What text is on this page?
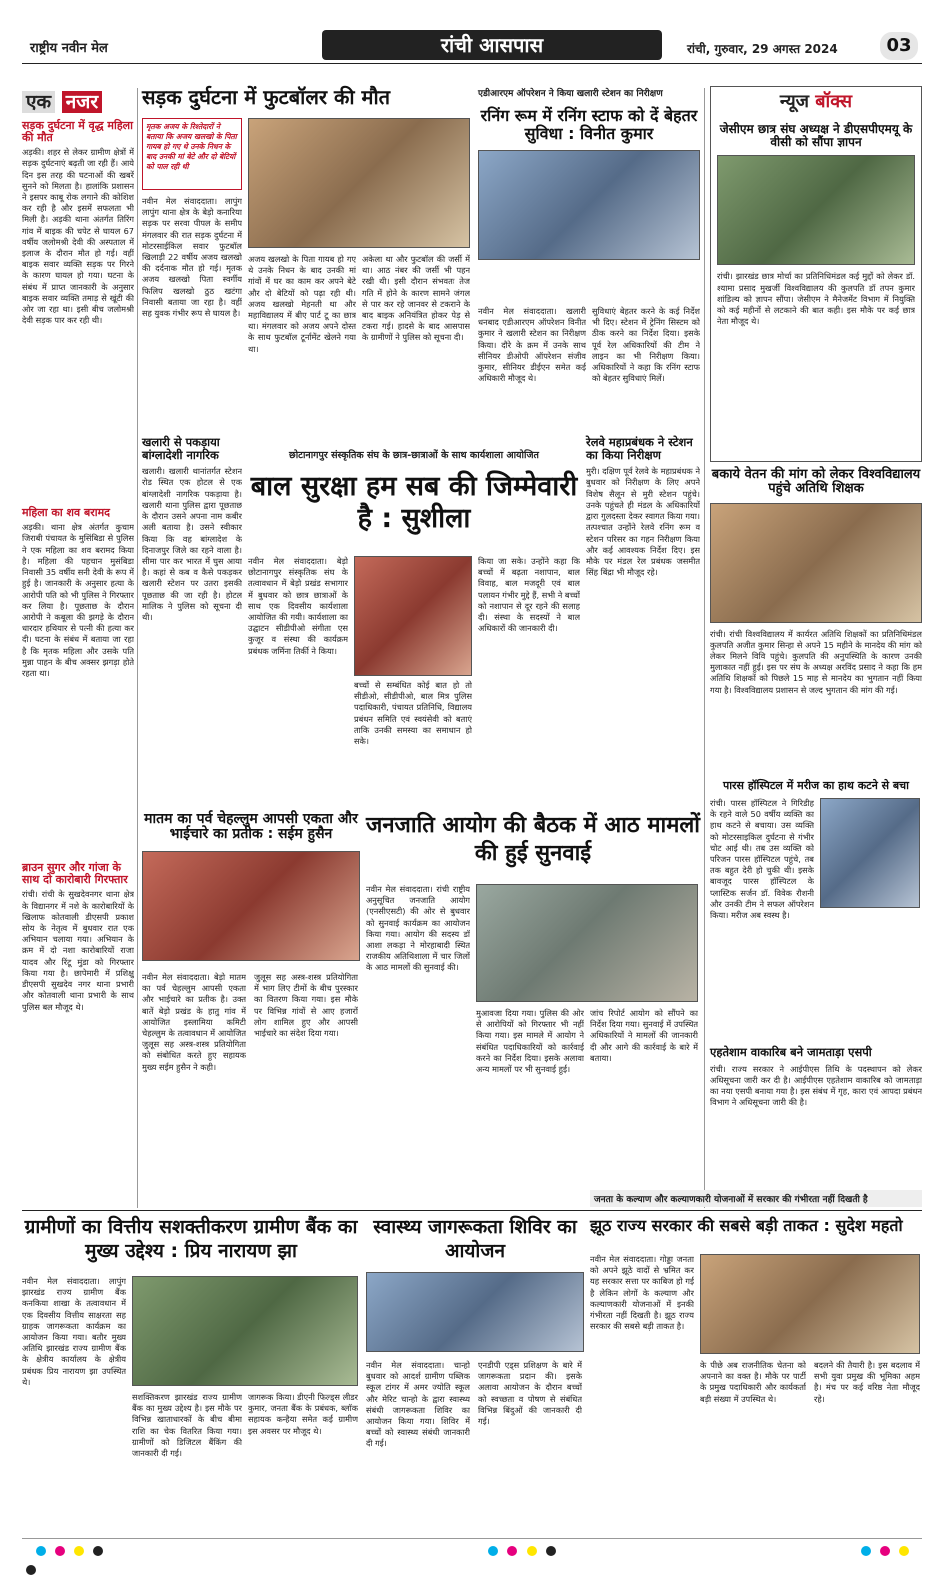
राष्ट्रीय नवीन मेल	रांची आसपास	रांची, गुरुवार, 29 अगस्त 2024	03
एक नजर
सड़क दुर्घटना में वृद्ध महिला की मौत
अड़की। शहर से लेकर ग्रामीण क्षेत्रों में सड़क दुर्घटनाएं बढ़ती जा रही हैं। आये दिन इस तरह की घटनाओं की खबरें सुनने को मिलता है। हालांकि प्रशासन ने इसपर काबू रोक लगाने की कोशिश कर रही है और इसमें सफलता भी मिली है। अड़की थाना अंतर्गत तिरिंग गांव में बाइक की चपेट से घायल 67 वर्षीय जलोमश्री देवी की अस्पताल में इलाज के दौरान मौत हो गई। वहीं बाइक सवार व्यक्ति सड़क पर गिरने के कारण घायल हो गया। घटना के संबंध में प्राप्त जानकारी के अनुसार बाइक सवार व्यक्ति तमाड़ से खूंटी की ओर जा रहा था। इसी बीच जलोमश्री देवी सड़क पार कर रही थी।
महिला का शव बरामद
अड़की। थाना क्षेत्र अंतर्गत कुचाम जिराबी पंचायत के मुसिंबिडा से पुलिस ने एक महिला का शव बरामद किया है। महिला की पहचान मुसंबिडा निवासी 35 वर्षीय सनी देवी के रूप में हुई है। जानकारी के अनुसार हत्या के आरोपी पति को भी पुलिस ने गिरफ्तार कर लिया है। पूछताछ के दौरान आरोपी ने कबूला की झगड़े के दौरान धारदार हथियार से पत्नी की हत्या कर दी। घटना के संबंध में बताया जा रहा है कि मृतक महिला और उसके पति मुन्ना पाहन के बीच अक्सर झगड़ा होते रहता था।
ब्राउन सुगर और गांजा के साथ दो कारोबारी गिरफ्तार
रांची। रांची के सुखदेवनगर थाना क्षेत्र के विद्यानगर में नशे के कारोबारियों के खिलाफ कोतवाली डीएसपी प्रकाश सोय के नेतृत्व में बुधवार रात एक अभियान चलाया गया। अभियान के क्रम में दो नशा कारोबारियों राजा यादव और रिंटू मुंडा को गिरफ्तार किया गया है। छापेमारी में प्रशिक्षु डीएसपी सुखदेव नगर थाना प्रभारी और कोतवाली थाना प्रभारी के साथ पुलिस बल मौजूद थे।
सड़क दुर्घटना में फुटबॉलर की मौत
मृतक अजय के रिश्तेदारों ने बताया कि अजय खलखो के पिता गायब हो गए थे उनके निधन के बाद उनकी मां बेटे और दो बेटियों को पाल रही थी
नवीन मेल संवाददाता। लापुंग लापुंग थाना क्षेत्र के बेड़ो कनारिया सड़क पर सरवा पीपल के समीप मंगलवार की रात सड़क दुर्घटना में मोटरसाईकिल सवार फुटबॉल खिलाड़ी 22 वर्षीय अजय खलखो की दर्दनाक मौत हो गई। मृतक अजय खलखो पिता स्वर्गीय फिलिप खलखो ठुठ खटंगा निवासी बताया जा रहा है। वहीं सह युवक गंभीर रूप से घायल है।
अजय खलखो के पिता गायब हो गए थे उनके निधन के बाद उनकी मां गांवों में घर का काम कर अपने बेटे और दो बेटियों को पढ़ा रही थी। अजय खलखो मेहनती था और महाविद्यालय में बीए पार्ट टू का छात्र था। मंगलवार को अजय अपने दोस्त के साथ फुटबॉल टूर्नामेंट खेलने गया था।
अकेला था और फुटबॉल की जर्सी में था। आठ नंबर की जर्सी भी पहन रखी थी। इसी दौरान संभवतः तेज गति में होने के कारण सामने जंगल से पार कर रहे जानवर से टकराने के बाद बाइक अनियंत्रित होकर पेड़ से टकरा गई। हादसे के बाद आसपास के ग्रामीणों ने पुलिस को सूचना दी।
एडीआरएम ऑपरेशन ने किया खलारी स्टेशन का निरीक्षण
रनिंग रूम में रनिंग स्टाफ को दें बेहतर सुविधा : विनीत कुमार
नवीन मेल संवाददाता। खलारी धनबाद एडीआरएम ऑपरेशन विनीत कुमार ने खलारी स्टेशन का निरीक्षण किया। दौरे के क्रम में उनके साथ सीनियर डीओपी ऑपरेशन संजीव कुमार, सीनियर डीईएन समेत कई अधिकारी मौजूद थे।
सुविधाएं बेहतर करने के कई निर्देश भी दिए। स्टेशन में ट्रेनिंग सिस्टम को ठीक करने का निर्देश दिया। इसके पूर्व रेल अधिकारियों की टीम ने लाइन का भी निरीक्षण किया। अधिकारियों ने कहा कि रनिंग स्टाफ को बेहतर सुविधाएं मिलें।
न्यूज बॉक्स
जेसीएम छात्र संघ अध्यक्ष ने डीएसपीएमयू के वीसी को सौंपा ज्ञापन
रांची। झारखंड छात्र मोर्चा का प्रतिनिधिमंडल कई मुद्दों को लेकर डॉ. श्यामा प्रसाद मुखर्जी विश्वविद्यालय की कुलपति डॉ तपन कुमार शांडिल्य को ज्ञापन सौंपा। जेसीएम ने मैनेजमेंट विभाग में नियुक्ति को कई महीनों से लटकाने की बात कही। इस मौके पर कई छात्र नेता मौजूद थे।
खलारी से पकड़ाया बांग्लादेशी नागरिक
खलारी। खलारी थानांतर्गत स्टेशन रोड स्थित एक होटल से एक बांग्लादेशी नागरिक पकड़ाया है। खलारी थाना पुलिस द्वारा पूछताछ के दौरान उसने अपना नाम कबीर अली बताया है। उसने स्वीकार किया कि वह बांग्लादेश के दिनाजपुर जिले का रहने वाला है। सीमा पार कर भारत में घुस आया है। कहां से कब व कैसे पकड़कर खलारी स्टेशन पर उतरा इसकी पूछताछ की जा रही है। होटल मालिक ने पुलिस को सूचना दी थी।
छोटानागपुर संस्कृतिक संघ के छात्र-छात्राओं के साथ कार्यशाला आयोजित
बाल सुरक्षा हम सब की जिम्मेवारी है : सुशीला
नवीन मेल संवाददाता। बेड़ो छोटानागपुर संस्कृतिक संघ के तत्वावधान में बेड़ो प्रखंड सभागार में बुधवार को छात्र छात्राओं के साथ एक दिवसीय कार्यशाला आयोजित की गयी। कार्यशाला का उद्घाटन सीडीपीओ संगीता एस कुजूर व संस्था की कार्यक्रम प्रबंधक जर्मिना तिर्की ने किया।
बच्चों से सम्बंधित कोई बात हो तो सीडीओ, सीडीपीओ, बाल मित्र पुलिस पदाधिकारी, पंचायत प्रतिनिधि, विद्यालय प्रबंधन समिति एवं स्वयंसेवी को बताएं ताकि उनकी समस्या का समाधान हो सके।
किया जा सके। उन्होंने कहा कि बच्चों में बढ़ता नशापान, बाल विवाह, बाल मजदूरी एवं बाल पलायन गंभीर मुद्दे हैं, सभी ने बच्चों को नशापान से दूर रहने की सलाह दी। संस्था के सदस्यों ने बाल अधिकारों की जानकारी दी।
रेलवे महाप्रबंधक ने स्टेशन का किया निरीक्षण
मुरी। दक्षिण पूर्व रेलवे के महाप्रबंधक ने बुधवार को निरीक्षण के लिए अपने विशेष सैलून से मुरी स्टेशन पहुंचे। उनके पहुंचते ही मंडल के अधिकारियों द्वारा गुलदस्ता देकर स्वागत किया गया। तत्पश्चात उन्होंने रेलवे रनिंग रूम व स्टेशन परिसर का गहन निरीक्षण किया और कई आवश्यक निर्देश दिए। इस मौके पर मंडल रेल प्रबंधक जसमीत सिंह बिंद्रा भी मौजूद रहे।
बकाये वेतन की मांग को लेकर विश्वविद्यालय पहुंचे अतिथि शिक्षक
रांची। रांची विश्वविद्यालय में कार्यरत अतिथि शिक्षकों का प्रतिनिधिमंडल कुलपति अजीत कुमार सिन्हा से अपने 15 महीने के मानदेय की मांग को लेकर मिलने विवि पहुंचे। कुलपति की अनुपस्थिति के कारण उनकी मुलाकात नहीं हुई। इस पर संघ के अध्यक्ष अरविंद प्रसाद ने कहा कि हम अतिथि शिक्षकों को पिछले 15 माह से मानदेय का भुगतान नहीं किया गया है। विश्वविद्यालय प्रशासन से जल्द भुगतान की मांग की गई।
पारस हॉस्पिटल में मरीज का हाथ कटने से बचा
रांची। पारस हॉस्पिटल ने गिरिडीह के रहने वाले 50 वर्षीय व्यक्ति का हाथ कटने से बचाया। उस व्यक्ति को मोटरसाइकिल दुर्घटना से गंभीर चोट आई थी। तब उस व्यक्ति को परिजन पारस हॉस्पिटल पहुंचे, तब तक बहुत देरी हो चुकी थी। इसके बावजूद पारस हॉस्पिटल के प्लास्टिक सर्जन डॉ. विवेक रौशनी और उनकी टीम ने सफल ऑपरेशन किया। मरीज अब स्वस्थ है।
मातम का पर्व चेहल्लुम आपसी एकता और भाईचारे का प्रतीक : सईम हुसैन
नवीन मेल संवाददाता। बेड़ो मातम का पर्व चेहल्लुम आपसी एकता और भाईचारे का प्रतीक है। उक्त बातें बेड़ो प्रखंड के हातु गांव में आयोजित इस्लामिया कमिटी चेहल्लुम के तत्वावधान में आयोजित जुलूस सह अस्त्र-शस्त्र प्रतियोगिता को संबोधित करते हुए सहायक मुख्य सईम हुसैन ने कही।
जुलूस सह अस्त्र-शस्त्र प्रतियोगिता में भाग लिए टीमों के बीच पुरस्कार का वितरण किया गया। इस मौके पर विभिन्न गांवों से आए हजारों लोग शामिल हुए और आपसी भाईचारे का संदेश दिया गया।
जनजाति आयोग की बैठक में आठ मामलों की हुई सुनवाई
नवीन मेल संवाददाता। रांची राष्ट्रीय अनुसूचित जनजाति आयोग (एनसीएसटी) की ओर से बुधवार को सुनवाई कार्यक्रम का आयोजन किया गया। आयोग की सदस्य डॉ आशा लकड़ा ने मोरहाबादी स्थित राजकीय अतिथिशाला में चार जिलों के आठ मामलों की सुनवाई की।
मुआवजा दिया गया। पुलिस की ओर से आरोपियों को गिरफ्तार भी नहीं किया गया। इस मामले में आयोग ने संबंधित पदाधिकारियों को कार्रवाई करने का निर्देश दिया। इसके अलावा अन्य मामलों पर भी सुनवाई हुई।
जांच रिपोर्ट आयोग को सौंपने का निर्देश दिया गया। सुनवाई में उपस्थित अधिकारियों ने मामलों की जानकारी दी और आगे की कार्रवाई के बारे में बताया।	एहतेशाम वाकारिब बने जामताड़ा एसपी
रांची। राज्य सरकार ने आईपीएस तिथि के पदस्थापन को लेकर अधिसूचना जारी कर दी है। आईपीएस एहतेशाम वाकारिब को जामताड़ा का नया एसपी बनाया गया है। इस संबंध में गृह, कारा एवं आपदा प्रबंधन विभाग ने अधिसूचना जारी की है।
ग्रामीणों का वित्तीय सशक्तीकरण ग्रामीण बैंक का मुख्य उद्देश्य : प्रिय नारायण झा
नवीन मेल संवाददाता। लापुंग झारखंड राज्य ग्रामीण बैंक कनकिया शाखा के तत्वावधान में एक दिवसीय वित्तीय साक्षरता सह ग्राहक जागरूकता कार्यक्रम का आयोजन किया गया। बतौर मुख्य अतिथि झारखंड राज्य ग्रामीण बैंक के क्षेत्रीय कार्यालय के क्षेत्रीय प्रबंधक प्रिय नारायण झा उपस्थित थे।
सशक्तिकरण झारखंड राज्य ग्रामीण बैंक का मुख्य उद्देश्य है। इस मौके पर विभिन्न खाताधारकों के बीच बीमा राशि का चेक वितरित किया गया। ग्रामीणों को डिजिटल बैंकिंग की जानकारी दी गई।
जागरूक किया। डीएनी फिल्ड्स लीडर कुमार, जनता बैंक के प्रबंधक, ब्लॉक सहायक कन्हैया समेत कई ग्रामीण इस अवसर पर मौजूद थे।
स्वास्थ्य जागरूकता शिविर का आयोजन
नवीन मेल संवाददाता। चान्हो बुधवार को आदर्श ग्रामीण पब्लिक स्कूल टांगर में अमर ज्योति स्कूल और मेरिट चान्हो के द्वारा स्वास्थ्य संबंधी जागरूकता शिविर का आयोजन किया गया। शिविर में बच्चों को स्वास्थ्य संबंधी जानकारी दी गई।
एनडीपी एड्स प्रशिक्षण के बारे में जागरूकता प्रदान की। इसके अलावा आयोजन के दौरान बच्चों को स्वच्छता व पोषण से संबंधित विभिन्न बिंदुओं की जानकारी दी गई।
जनता के कल्याण और कल्याणकारी योजनाओं में सरकार की गंभीरता नहीं दिखती है
झूठ राज्य सरकार की सबसे बड़ी ताकत : सुदेश महतो
नवीन मेल संवाददाता। गोड्डा जनता को अपने झूठे वादों से भ्रमित कर यह सरकार सत्ता पर काबिज हो गई है लेकिन लोगों के कल्याण और कल्याणकारी योजनाओं में इनकी गंभीरता नहीं दिखती है। झूठ राज्य सरकार की सबसे बड़ी ताकत है।
के पीछे अब राजनीतिक चेतना को अपनाने का वक्त है। मौके पर पार्टी के प्रमुख पदाधिकारी और कार्यकर्ता बड़ी संख्या में उपस्थित थे।
बदलने की तैयारी है। इस बदलाव में सभी युवा प्रमुख की भूमिका अहम है। मंच पर कई वरिष्ठ नेता मौजूद रहे।
